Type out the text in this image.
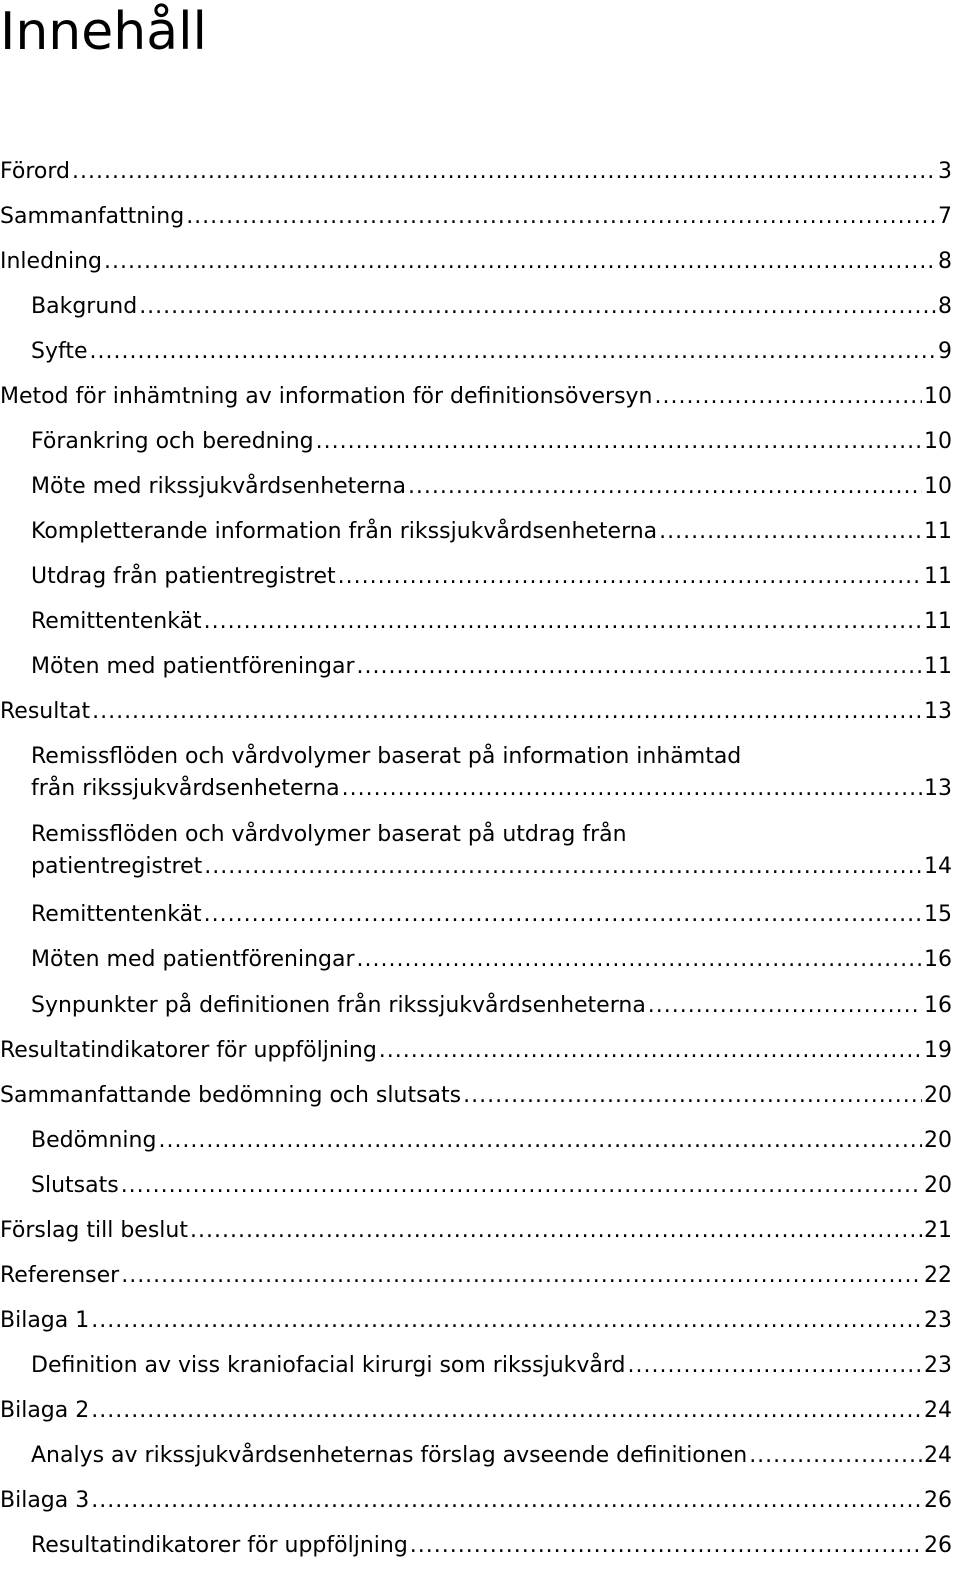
Innehåll
Förord .....	3
Sammanfattning .....	7
Inledning .....	8
Bakgrund .....	8
Syfte .....	9
Metod för inhämtning av information för definitionsöversyn .....	10
Förankring och beredning .....	10
Möte med rikssjukvårdsenheterna .....	10
Kompletterande information från rikssjukvårdsenheterna .....	11
Utdrag från patientregistret .....	11
Remittentenkät .....	11
Möten med patientföreningar .....	11
Resultat .....	13
Remissflöden och vårdvolymer baserat på information inhämtad
från rikssjukvårdsenheterna .....	13
Remissflöden och vårdvolymer baserat på utdrag från
patientregistret .....	14
Remittentenkät .....	15
Möten med patientföreningar .....	16
Synpunkter på definitionen från rikssjukvårdsenheterna .....	16
Resultatindikatorer för uppföljning .....	19
Sammanfattande bedömning och slutsats .....	20
Bedömning .....	20
Slutsats .....	20
Förslag till beslut .....	21
Referenser .....	22
Bilaga 1 .....	23
Definition av viss kraniofacial kirurgi som rikssjukvård .....	23
Bilaga 2 .....	24
Analys av rikssjukvårdsenheternas förslag avseende definitionen .....	24
Bilaga 3 .....	26
Resultatindikatorer för uppföljning .....	26
